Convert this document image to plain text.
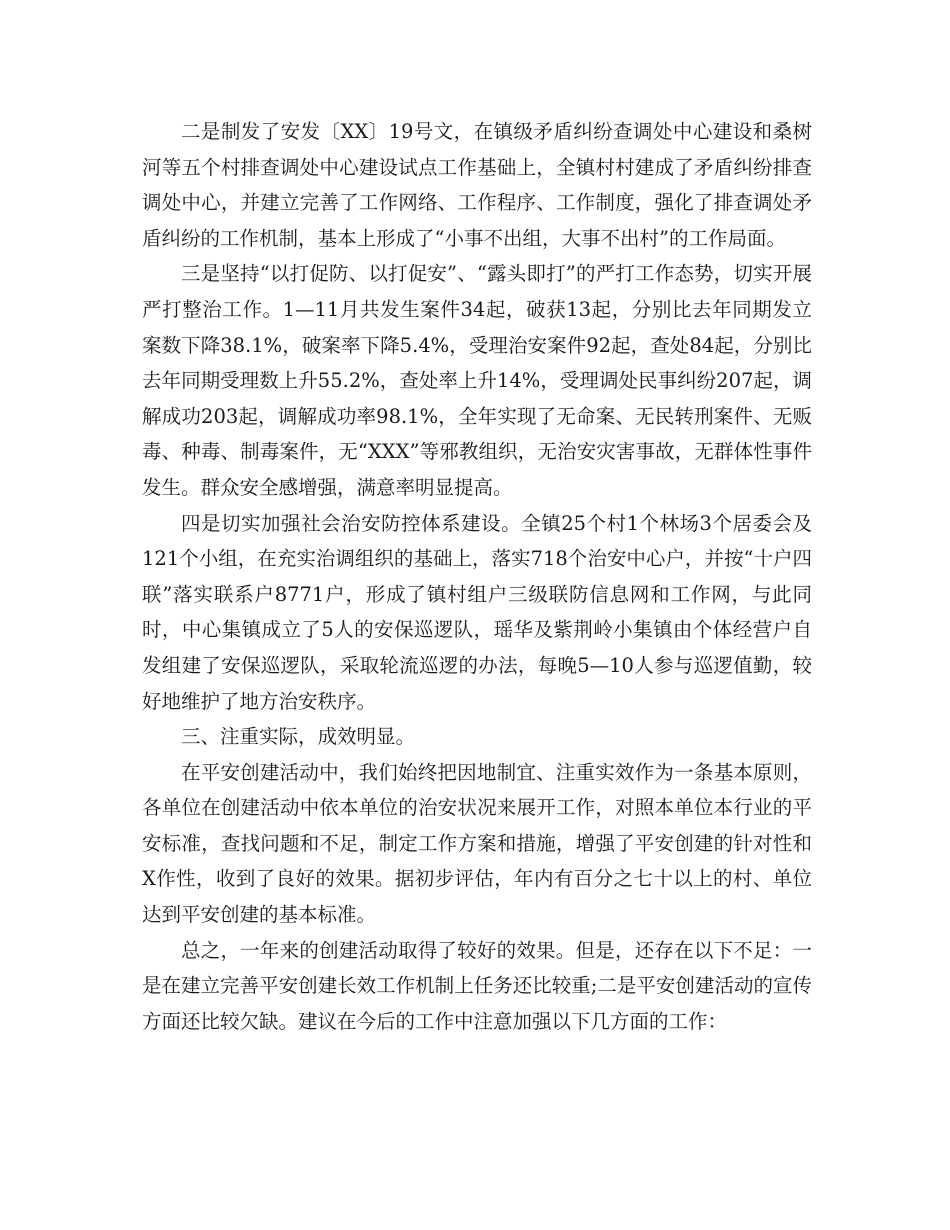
二是制发了安发〔XX〕19号文，在镇级矛盾纠纷查调处中心建设和桑树河等五个村排查调处中心建设试点工作基础上，全镇村村建成了矛盾纠纷排查调处中心，并建立完善了工作网络、工作程序、工作制度，强化了排查调处矛盾纠纷的工作机制，基本上形成了“小事不出组，大事不出村”的工作局面。

三是坚持“以打促防、以打促安”、“露头即打”的严打工作态势，切实开展严打整治工作。1—11月共发生案件34起，破获13起，分别比去年同期发立案数下降38.1%，破案率下降5.4%，受理治安案件92起，查处84起，分别比去年同期受理数上升55.2%，查处率上升14%，受理调处民事纠纷207起，调解成功203起，调解成功率98.1%，全年实现了无命案、无民转刑案件、无贩毒、种毒、制毒案件，无“XXX”等邪教组织，无治安灾害事故，无群体性事件发生。群众安全感增强，满意率明显提高。

四是切实加强社会治安防控体系建设。全镇25个村1个林场3个居委会及121个小组，在充实治调组织的基础上，落实718个治安中心户，并按“十户四联”落实联系户8771户，形成了镇村组户三级联防信息网和工作网，与此同时，中心集镇成立了5人的安保巡逻队，瑶华及紫荆岭小集镇由个体经营户自发组建了安保巡逻队，采取轮流巡逻的办法，每晚5—10人参与巡逻值勤，较好地维护了地方治安秩序。

三、注重实际，成效明显。

在平安创建活动中，我们始终把因地制宜、注重实效作为一条基本原则，各单位在创建活动中依本单位的治安状况来展开工作，对照本单位本行业的平安标准，查找问题和不足，制定工作方案和措施，增强了平安创建的针对性和X作性，收到了良好的效果。据初步评估，年内有百分之七十以上的村、单位达到平安创建的基本标准。

总之，一年来的创建活动取得了较好的效果。但是，还存在以下不足：一是在建立完善平安创建长效工作机制上任务还比较重;二是平安创建活动的宣传方面还比较欠缺。建议在今后的工作中注意加强以下几方面的工作：
